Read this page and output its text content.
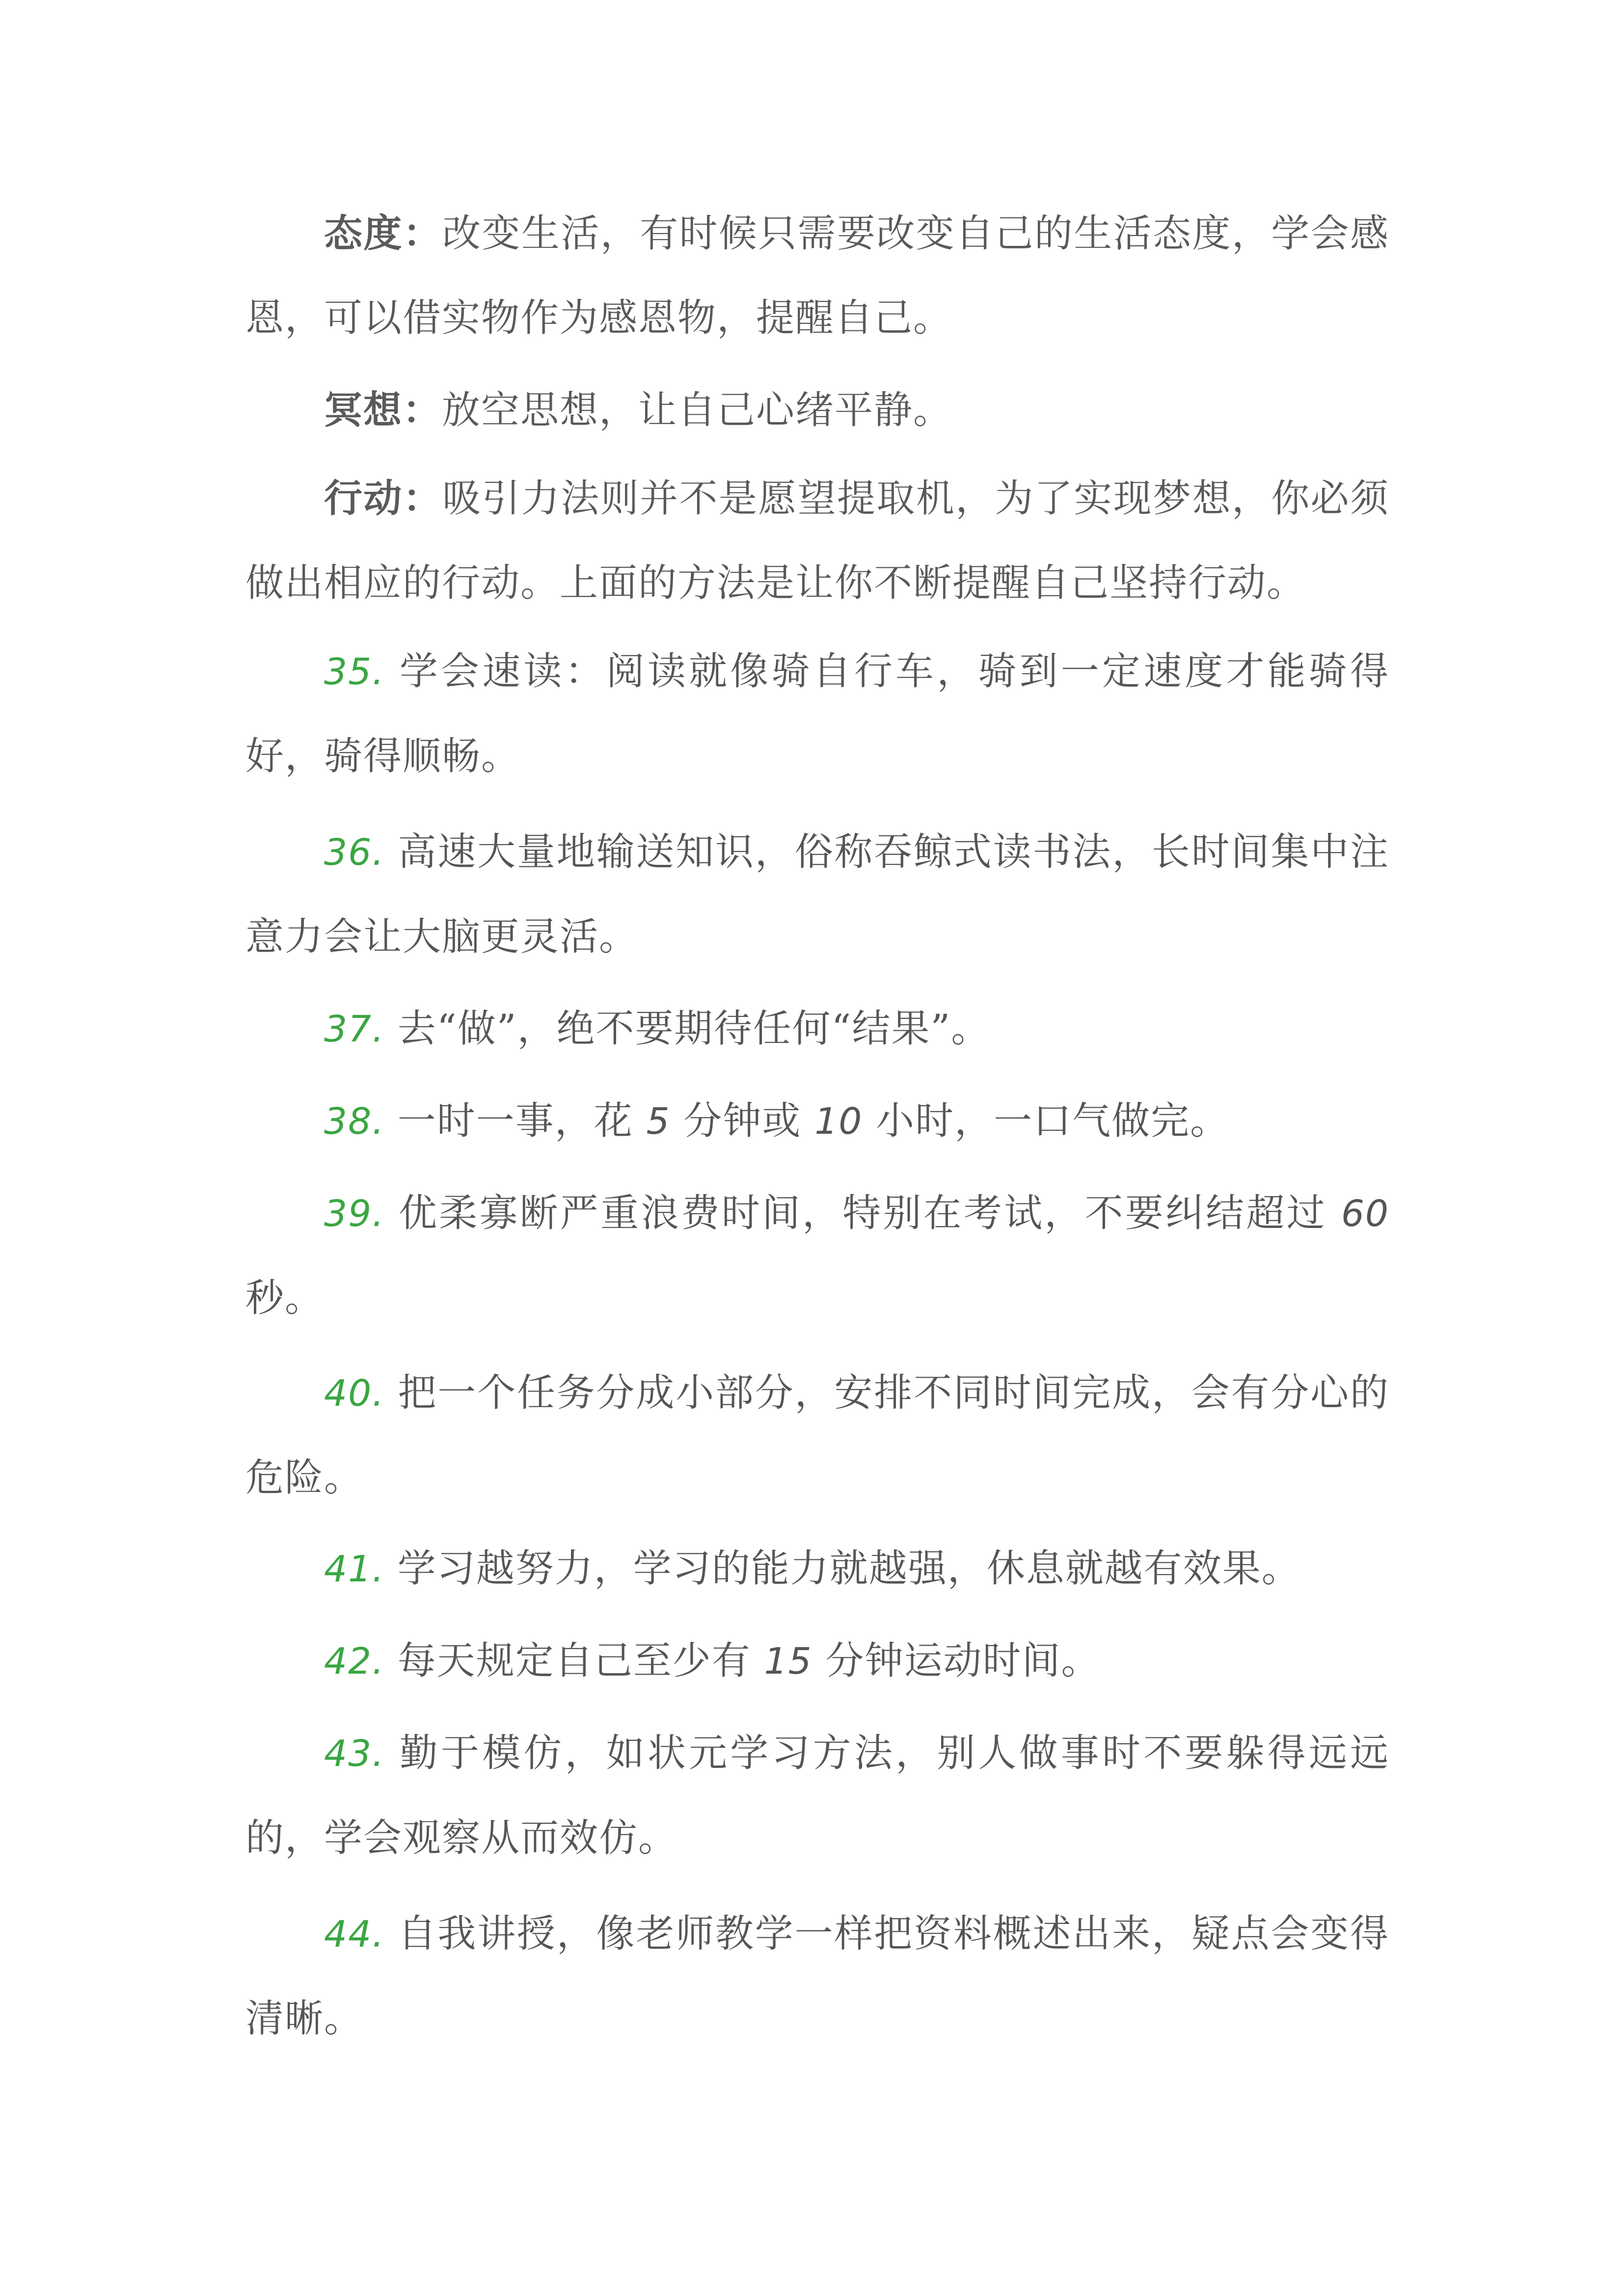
态度：改变生活，有时候只需要改变自己的生活态度，学会感恩，可以借实物作为感恩物，提醒自己。

冥想：放空思想，让自己心绪平静。

行动：吸引力法则并不是愿望提取机，为了实现梦想，你必须做出相应的行动。上面的方法是让你不断提醒自己坚持行动。

35. 学会速读：阅读就像骑自行车，骑到一定速度才能骑得好，骑得顺畅。

36. 高速大量地输送知识，俗称吞鲸式读书法，长时间集中注意力会让大脑更灵活。

37. 去“做”，绝不要期待任何“结果”。

38. 一时一事，花 5 分钟或 10 小时，一口气做完。

39. 优柔寡断严重浪费时间，特别在考试，不要纠结超过 60秒。

40. 把一个任务分成小部分，安排不同时间完成，会有分心的危险。

41. 学习越努力，学习的能力就越强，休息就越有效果。

42. 每天规定自己至少有 15 分钟运动时间。

43. 勤于模仿，如状元学习方法，别人做事时不要躲得远远的，学会观察从而效仿。

44. 自我讲授，像老师教学一样把资料概述出来，疑点会变得清晰。
